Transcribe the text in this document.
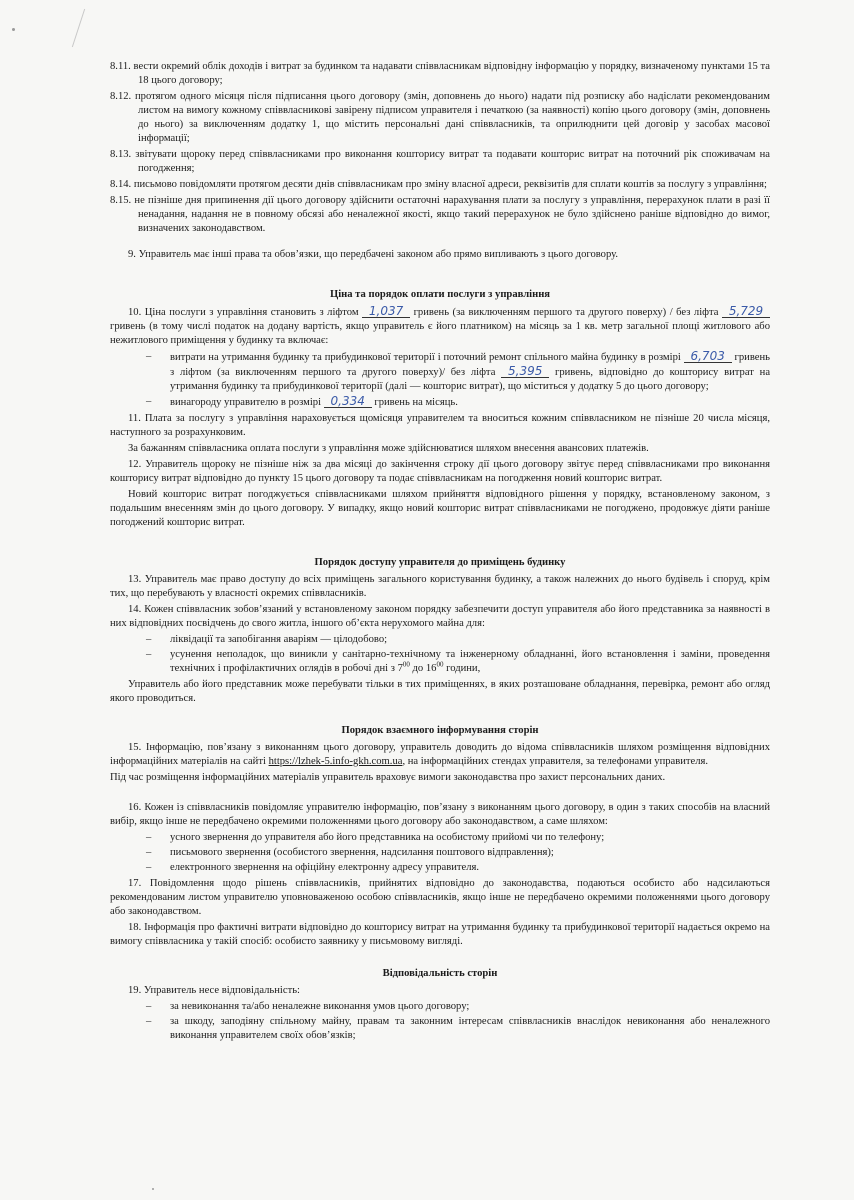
8.11. вести окремий облік доходів і витрат за будинком та надавати співвласникам відповідну інформацію у порядку, визначеному пунктами 15 та 18 цього договору;

8.12. протягом одного місяця після підписання цього договору (змін, доповнень до нього) надати під розписку або надіслати рекомендованим листом на вимогу кожному співвласникові завірену підписом управителя і печаткою (за наявності) копію цього договору (змін, доповнень до нього) за виключенням додатку 1, що містить персональні дані співвласників, та оприлюднити цей договір у засобах масової інформації;

8.13. звітувати щороку перед співвласниками про виконання кошторису витрат та подавати кошторис витрат на поточний рік споживачам на погодження;

8.14. письмово повідомляти протягом десяти днів співвласникам про зміну власної адреси, реквізитів для сплати коштів за послугу з управління;

8.15. не пізніше дня припинення дії цього договору здійснити остаточні нарахування плати за послугу з управління, перерахунок плати в разі її ненадання, надання не в повному обсязі або неналежної якості, якщо такий перерахунок не було здійснено раніше відповідно до вимог, визначених законодавством.

9. Управитель має інші права та обов’язки, що передбачені законом або прямо випливають з цього договору.

Ціна та порядок оплати послуги з управління

10. Ціна послуги з управління становить з ліфтом 1,037 гривень (за виключенням першого та другого поверху) / без ліфта 5,729 гривень (в тому числі податок на додану вартість, якщо управитель є його платником) на місяць за 1 кв. метр загальної площі житлового або нежитлового приміщення у будинку та включає:

– витрати на утримання будинку та прибудинкової території і поточний ремонт спільного майна будинку в розмірі 6,703 гривень з ліфтом (за виключенням першого та другого поверху)/ без ліфта 5,395 гривень, відповідно до кошторису витрат на утримання будинку та прибудинкової території (далі — кошторис витрат), що міститься у додатку 5 до цього договору;
– винагороду управителю в розмірі 0,334 гривень на місяць.

11. Плата за послугу з управління нараховується щомісяця управителем та вноситься кожним співвласником не пізніше 20 числа місяця, наступного за розрахунковим.

За бажанням співвласника оплата послуги з управління може здійснюватися шляхом внесення авансових платежів.

12. Управитель щороку не пізніше ніж за два місяці до закінчення строку дії цього договору звітує перед співвласниками про виконання кошторису витрат відповідно до пункту 15 цього договору та подає співвласникам на погодження новий кошторис витрат.

Новий кошторис витрат погоджується співвласниками шляхом прийняття відповідного рішення у порядку, встановленому законом, з подальшим внесенням змін до цього договору. У випадку, якщо новий кошторис витрат співвласниками не погоджено, продовжує діяти раніше погоджений кошторис витрат.

Порядок доступу управителя до приміщень будинку

13. Управитель має право доступу до всіх приміщень загального користування будинку, а також належних до нього будівель і споруд, крім тих, що перебувають у власності окремих співвласників.

14. Кожен співвласник зобов’язаний у встановленому законом порядку забезпечити доступ управителя або його представника за наявності в них відповідних посвідчень до свого житла, іншого об’єкта нерухомого майна для:

– ліквідації та запобігання аваріям — цілодобово;
– усунення неполадок, що виникли у санітарно-технічному та інженерному обладнанні, його встановлення і заміни, проведення технічних і профілактичних оглядів в робочі дні з $7^{00}$ до $16^{00}$ години,

Управитель або його представник може перебувати тільки в тих приміщеннях, в яких розташоване обладнання, перевірка, ремонт або огляд якого проводиться.

Порядок взаємного інформування сторін

15. Інформацію, пов’язану з виконанням цього договору, управитель доводить до відома співвласників шляхом розміщення відповідних інформаційних матеріалів на сайті https://lzhek-5.info-gkh.com.ua, на інформаційних стендах управителя, за телефонами управителя.

Під час розміщення інформаційних матеріалів управитель враховує вимоги законодавства про захист персональних даних.

16. Кожен із співвласників повідомляє управителю інформацію, пов’язану з виконанням цього договору, в один з таких способів на власний вибір, якщо інше не передбачено окремими положеннями цього договору або законодавством, а саме шляхом:

– усного звернення до управителя або його представника на особистому прийомі чи по телефону;
– письмового звернення (особистого звернення, надсилання поштового відправлення);
– електронного звернення на офіційну електронну адресу управителя.

17. Повідомлення щодо рішень співвласників, прийнятих відповідно до законодавства, подаються особисто або надсилаються рекомендованим листом управителю уповноваженою особою співвласників, якщо інше не передбачено окремими положеннями цього договору або законодавством.

18. Інформація про фактичні витрати відповідно до кошторису витрат на утримання будинку та прибудинкової території надається окремо на вимогу співвласника у такій спосіб: особисто заявнику у письмовому вигляді.

Відповідальність сторін

19. Управитель несе відповідальність:

– за невиконання та/або неналежне виконання умов цього договору;
– за шкоду, заподіяну спільному майну, правам та законним інтересам співвласників внаслідок невиконання або неналежного виконання управителем своїх обов’язків;
